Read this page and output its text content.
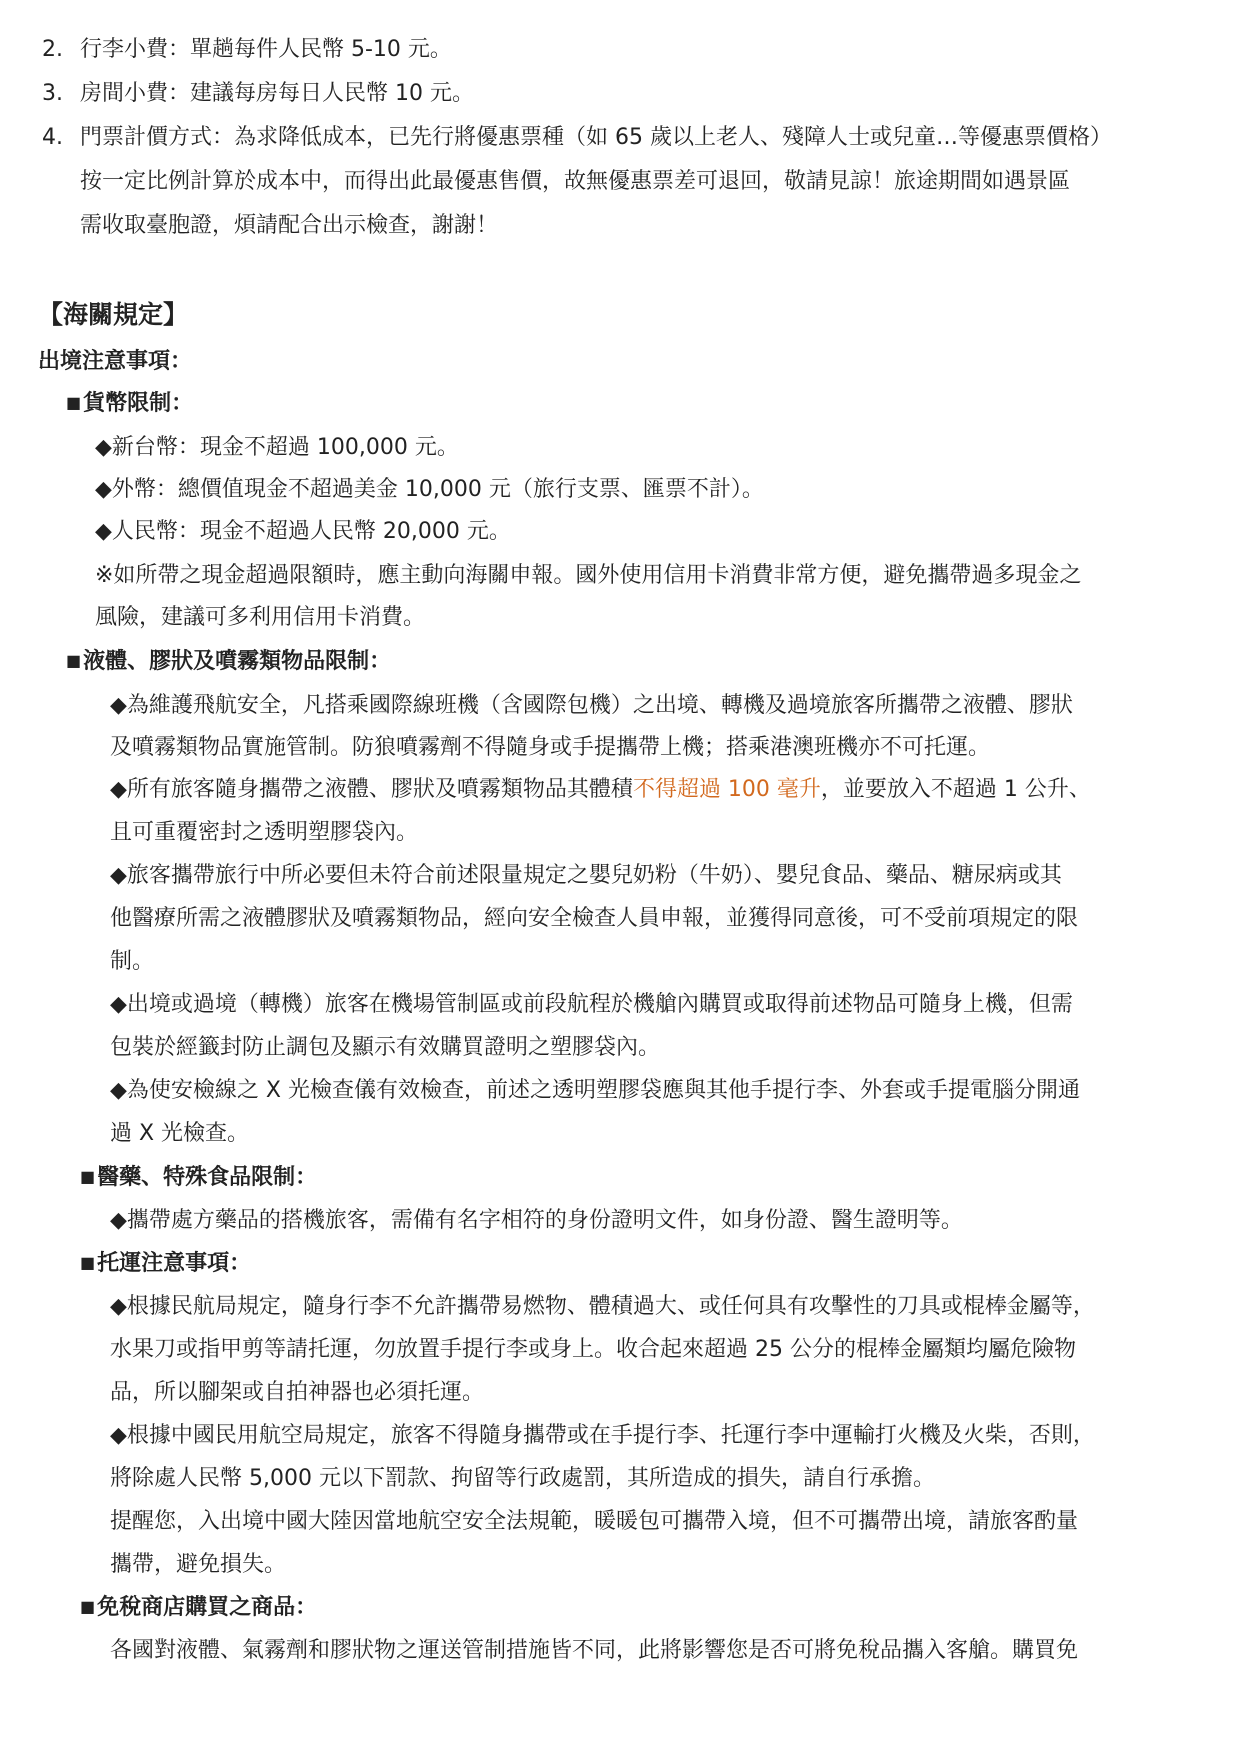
2. 行李小費：單趟每件人民幣 5-10 元。
3. 房間小費：建議每房每日人民幣 10 元。
4. 門票計價方式：為求降低成本，已先行將優惠票種（如 65 歲以上老人、殘障人士或兒童…等優惠票價格）
按一定比例計算於成本中，而得出此最優惠售價，故無優惠票差可退回，敬請見諒！旅途期間如遇景區
需收取臺胞證，煩請配合出示檢查，謝謝！
【海關規定】
出境注意事項：
■貨幣限制：
◆新台幣：現金不超過 100,000 元。
◆外幣：總價值現金不超過美金 10,000 元（旅行支票、匯票不計）。
◆人民幣：現金不超過人民幣 20,000 元。
※如所帶之現金超過限額時，應主動向海關申報。國外使用信用卡消費非常方便，避免攜帶過多現金之
風險，建議可多利用信用卡消費。
■液體、膠狀及噴霧類物品限制：
◆為維護飛航安全，凡搭乘國際線班機（含國際包機）之出境、轉機及過境旅客所攜帶之液體、膠狀
及噴霧類物品實施管制。防狼噴霧劑不得隨身或手提攜帶上機；搭乘港澳班機亦不可托運。
◆所有旅客隨身攜帶之液體、膠狀及噴霧類物品其體積不得超過 100 毫升，並要放入不超過 1 公升、
且可重覆密封之透明塑膠袋內。
◆旅客攜帶旅行中所必要但未符合前述限量規定之嬰兒奶粉（牛奶）、嬰兒食品、藥品、糖尿病或其
他醫療所需之液體膠狀及噴霧類物品，經向安全檢查人員申報，並獲得同意後，可不受前項規定的限
制。
◆出境或過境（轉機）旅客在機場管制區或前段航程於機艙內購買或取得前述物品可隨身上機，但需
包裝於經籤封防止調包及顯示有效購買證明之塑膠袋內。
◆為使安檢線之 X 光檢查儀有效檢查，前述之透明塑膠袋應與其他手提行李、外套或手提電腦分開通
過 X 光檢查。
■醫藥、特殊食品限制：
◆攜帶處方藥品的搭機旅客，需備有名字相符的身份證明文件，如身份證、醫生證明等。
■托運注意事項：
◆根據民航局規定，隨身行李不允許攜帶易燃物、體積過大、或任何具有攻擊性的刀具或棍棒金屬等，
水果刀或指甲剪等請托運，勿放置手提行李或身上。收合起來超過 25 公分的棍棒金屬類均屬危險物
品，所以腳架或自拍神器也必須托運。
◆根據中國民用航空局規定，旅客不得隨身攜帶或在手提行李、托運行李中運輸打火機及火柴，否則，
將除處人民幣 5,000 元以下罰款、拘留等行政處罰，其所造成的損失，請自行承擔。
提醒您，入出境中國大陸因當地航空安全法規範，暖暖包可攜帶入境，但不可攜帶出境，請旅客酌量
攜帶，避免損失。
■免稅商店購買之商品：
各國對液體、氣霧劑和膠狀物之運送管制措施皆不同，此將影響您是否可將免稅品攜入客艙。購買免
